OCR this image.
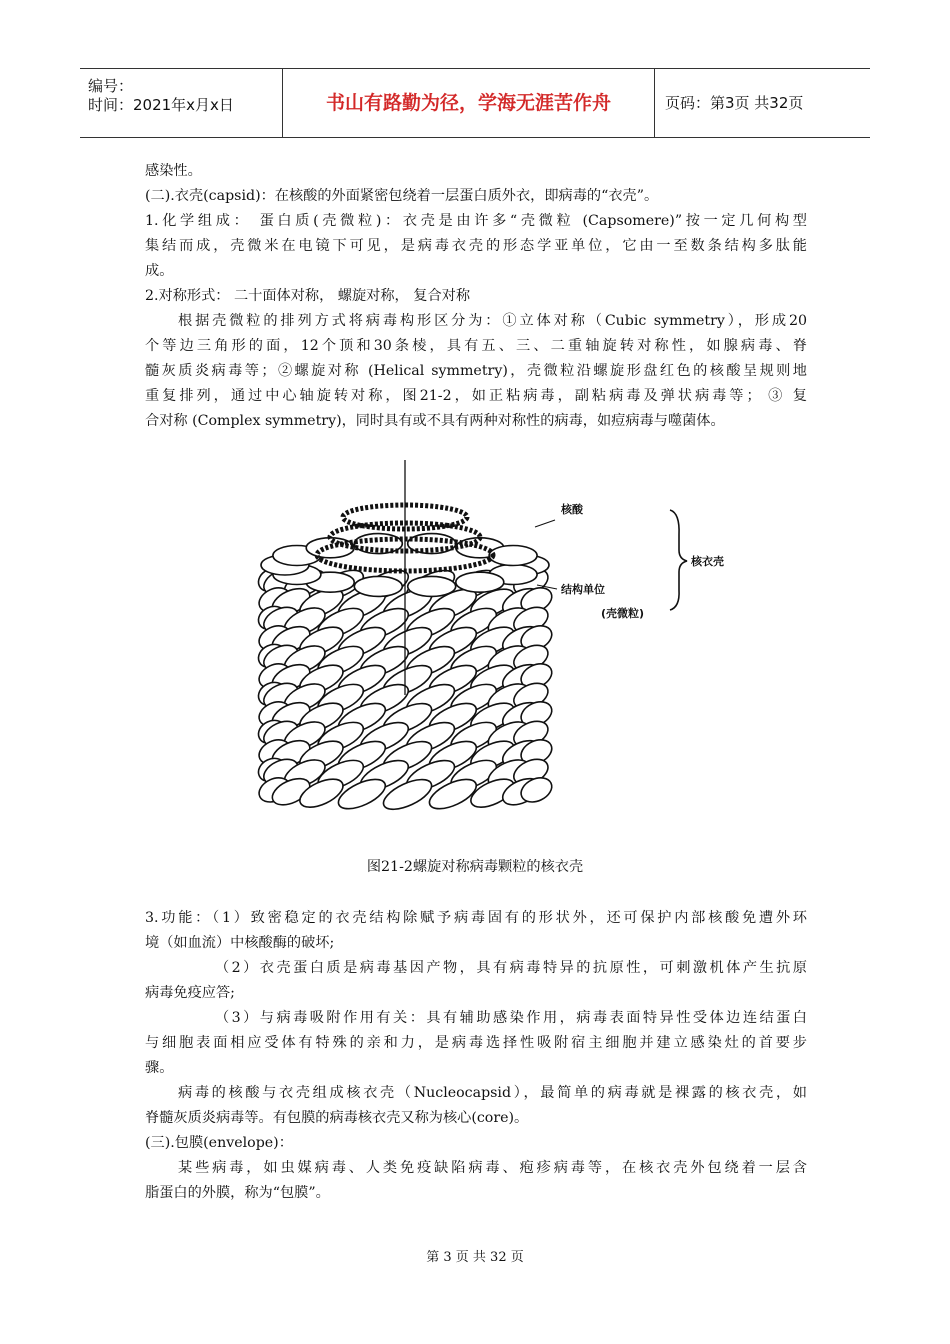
编号：
时间：2021年x月x日	书山有路勤为径，学海无涯苦作舟	页码：第3页 共32页
感染性。
(二).衣壳(capsid)：在核酸的外面紧密包绕着一层蛋白质外衣，即病毒的“衣壳”。
1.化学组成： 蛋白质(壳微粒)：衣壳是由许多“壳微粒 (Capsomere)”按一定几何构型
集结而成，壳微米在电镜下可见，是病毒衣壳的形态学亚单位，它由一至数条结构多肽能
成。
2.对称形式： 二十面体对称， 螺旋对称， 复合对称
根据壳微粒的排列方式将病毒构形区分为：①立体对称（Cubic symmetry），形成20
个等边三角形的面，12个顶和30条棱，具有五、三、二重轴旋转对称性，如腺病毒、脊
髓灰质炎病毒等；②螺旋对称 (Helical symmetry)，壳微粒沿螺旋形盘红色的核酸呈规则地
重复排列，通过中心轴旋转对称，图21-2，如正粘病毒，副粘病毒及弹状病毒等； ③ 复
合对称 (Complex symmetry)，同时具有或不具有两种对称性的病毒，如痘病毒与噬菌体。
核酸
核衣壳
结构单位
(壳微粒)
图21-2螺旋对称病毒颗粒的核衣壳
3.功能：（1）致密稳定的衣壳结构除赋予病毒固有的形状外，还可保护内部核酸免遭外环
境（如血流）中核酸酶的破坏;
（2）衣壳蛋白质是病毒基因产物，具有病毒特异的抗原性，可刺激机体产生抗原
病毒免疫应答;
（3）与病毒吸附作用有关：具有辅助感染作用，病毒表面特异性受体边连结蛋白
与细胞表面相应受体有特殊的亲和力，是病毒选择性吸附宿主细胞并建立感染灶的首要步
骤。
病毒的核酸与衣壳组成核衣壳（Nucleocapsid），最简单的病毒就是裸露的核衣壳，如
脊髓灰质炎病毒等。有包膜的病毒核衣壳又称为核心(core)。
(三).包膜(envelope)：
某些病毒，如虫媒病毒、人类免疫缺陷病毒、疱疹病毒等，在核衣壳外包绕着一层含
脂蛋白的外膜，称为“包膜”。
第 3 页 共 32 页
